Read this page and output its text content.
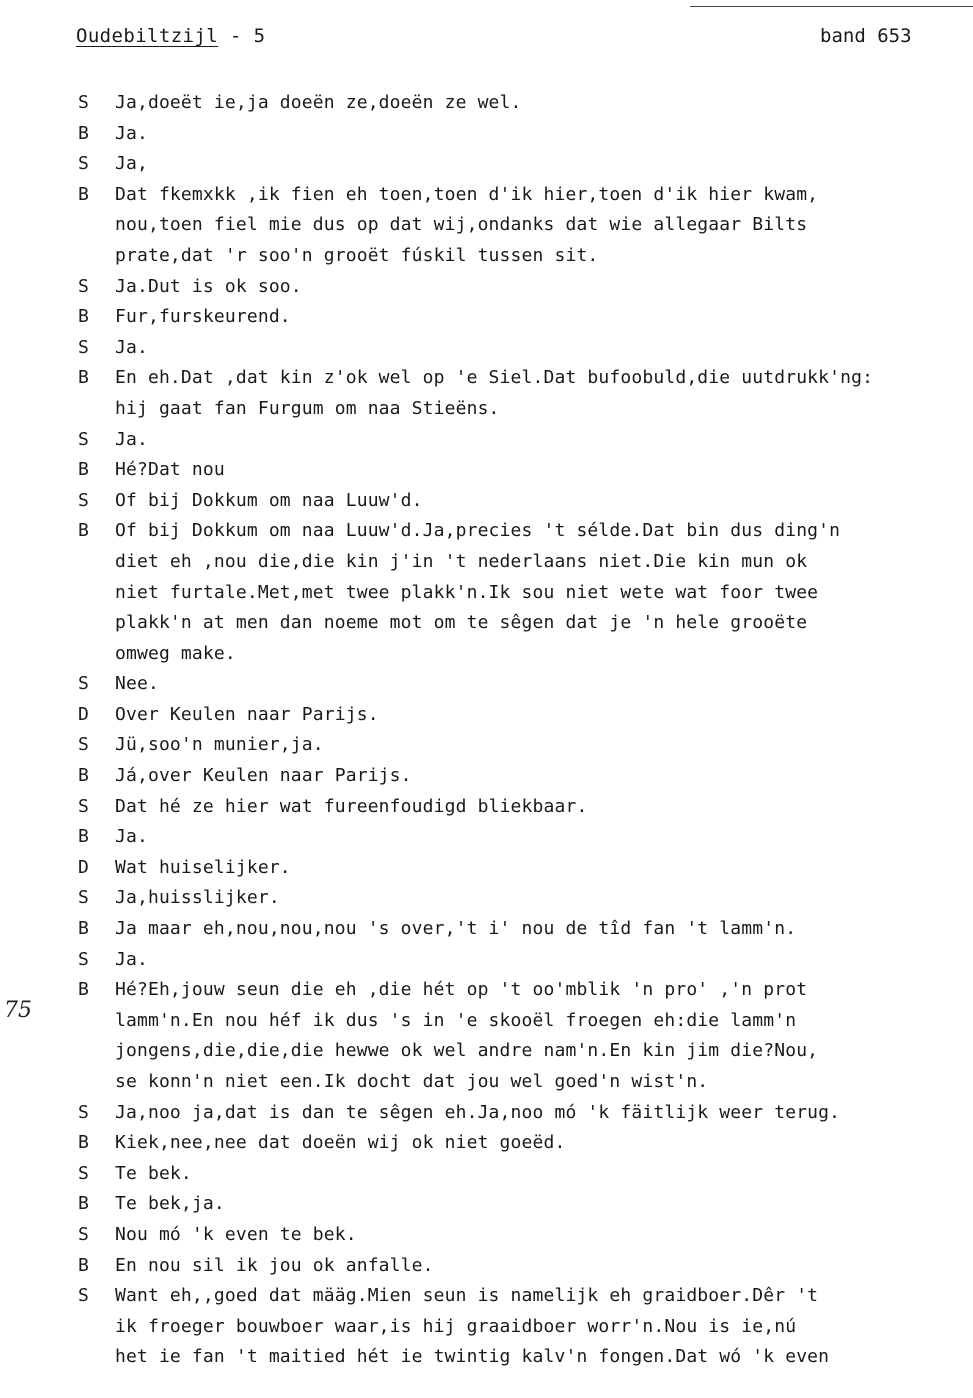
Oudebiltzijl - 5	band 653
75
S	Ja,doeët ie,ja doeën ze,doeën ze wel.
B	Ja.
S	Ja,
B	Dat fkemxkk ,ik fien eh toen,toen d'ik hier,toen d'ik hier kwam,
nou,toen fiel mie dus op dat wij,ondanks dat wie allegaar Bilts
prate,dat 'r soo'n grooët fúskil tussen sit.
S	Ja.Dut is ok soo.
B	Fur,furskeurend.
S	Ja.
B	En eh.Dat ,dat kin z'ok wel op 'e Siel.Dat bufoobuld,die uutdrukk'ng:
hij gaat fan Furgum om naa Stieëns.
S	Ja.
B	Hé?Dat nou
S	Of bij Dokkum om naa Luuw'd.
B	Of bij Dokkum om naa Luuw'd.Ja,precies 't sélde.Dat bin dus ding'n
diet eh ,nou die,die kin j'in 't nederlaans niet.Die kin mun ok
niet furtale.Met,met twee plakk'n.Ik sou niet wete wat foor twee
plakk'n at men dan noeme mot om te sêgen dat je 'n hele grooëte
omweg make.
S	Nee.
D	Over Keulen naar Parijs.
S	Jü,soo'n munier,ja.
B	Já,over Keulen naar Parijs.
S	Dat hé ze hier wat fureenfoudigd bliekbaar.
B	Ja.
D	Wat huiselijker.
S	Ja,huisslijker.
B	Ja maar eh,nou,nou,nou 's over,'t i' nou de tîd fan 't lamm'n.
S	Ja.
B	Hé?Eh,jouw seun die eh ,die hét op 't oo'mblik 'n pro' ,'n prot
lamm'n.En nou héf ik dus 's in 'e skooël froegen eh:die lamm'n
jongens,die,die,die hewwe ok wel andre nam'n.En kin jim die?Nou,
se konn'n niet een.Ik docht dat jou wel goed'n wist'n.
S	Ja,noo ja,dat is dan te sêgen eh.Ja,noo mó 'k fäitlijk weer terug.
B	Kiek,nee,nee dat doeën wij ok niet goeëd.
S	Te bek.
B	Te bek,ja.
S	Nou mó 'k even te bek.
B	En nou sil ik jou ok anfalle.
S	Want eh,,goed dat määg.Mien seun is namelijk eh graidboer.Dêr 't
ik froeger bouwboer waar,is hij graaidboer worr'n.Nou is ie,nú
het ie fan 't maitied hét ie twintig kalv'n fongen.Dat wó 'k even
